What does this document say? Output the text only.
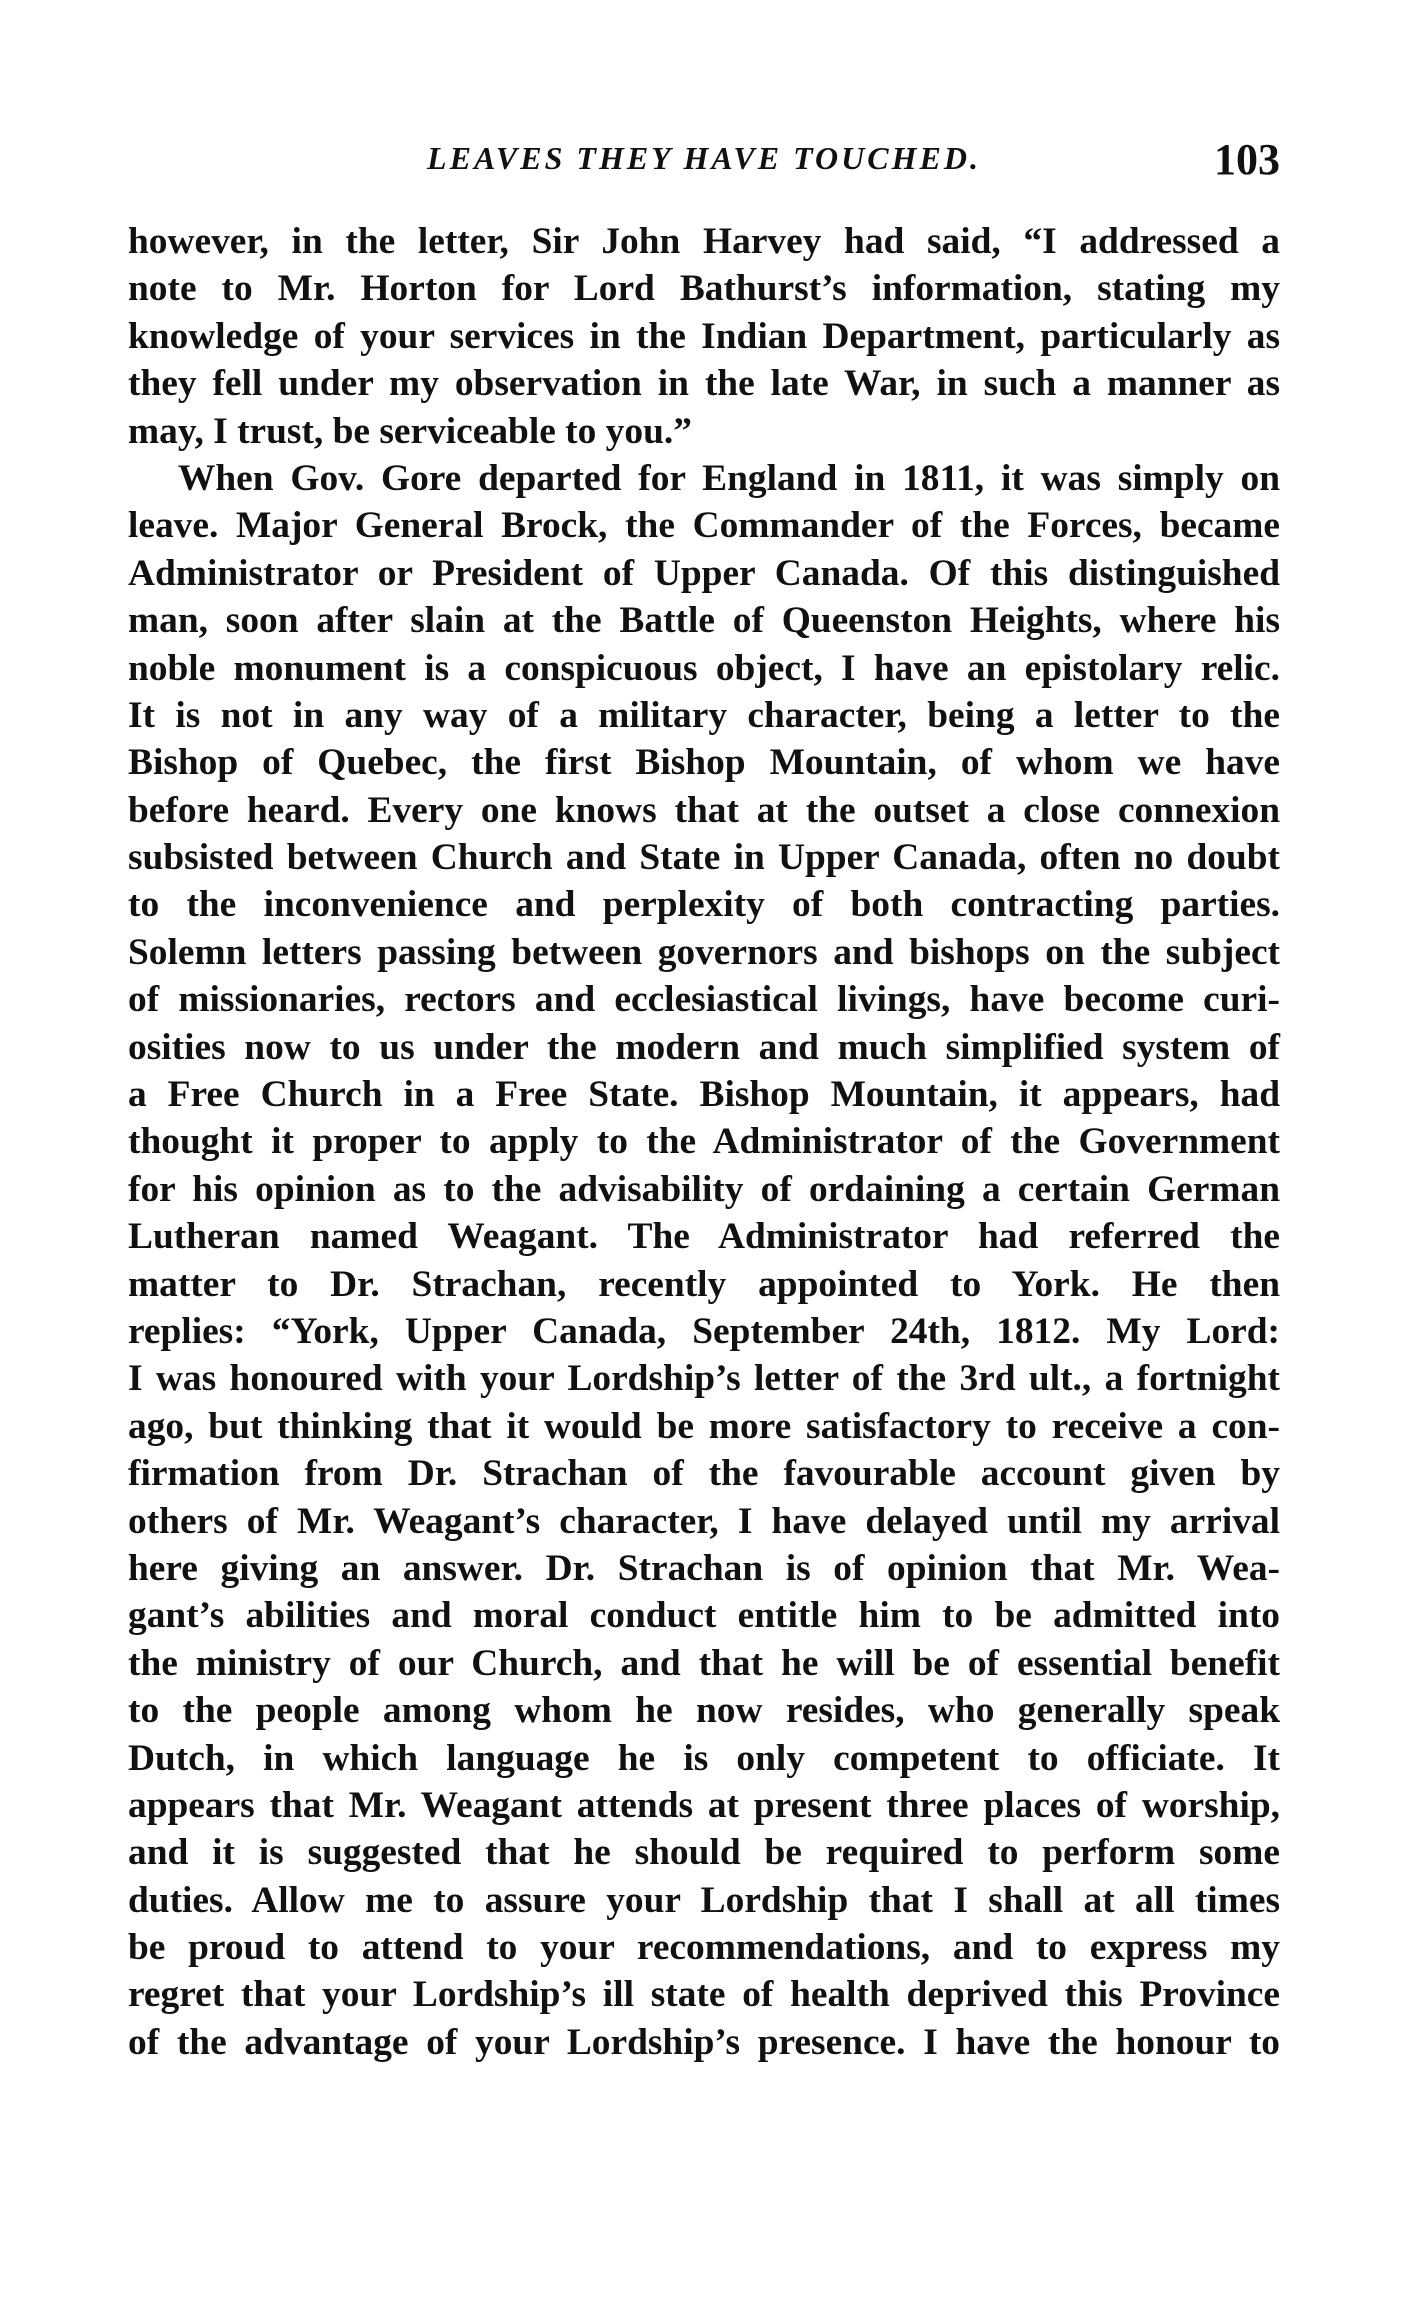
LEAVES THEY HAVE TOUCHED.	103
however, in the letter, Sir John Harvey had said, “I addressed a
note to Mr. Horton for Lord Bathurst’s information, stating my
knowledge of your services in the Indian Department, particularly as
they fell under my observation in the late War, in such a manner as
may, I trust, be serviceable to you.”
When Gov. Gore departed for England in 1811, it was simply on
leave. Major General Brock, the Commander of the Forces, became
Administrator or President of Upper Canada. Of this distinguished
man, soon after slain at the Battle of Queenston Heights, where his
noble monument is a conspicuous object, I have an epistolary relic.
It is not in any way of a military character, being a letter to the
Bishop of Quebec, the first Bishop Mountain, of whom we have
before heard. Every one knows that at the outset a close connexion
subsisted between Church and State in Upper Canada, often no doubt
to the inconvenience and perplexity of both contracting parties.
Solemn letters passing between governors and bishops on the subject
of missionaries, rectors and ecclesiastical livings, have become curi-
osities now to us under the modern and much simplified system of
a Free Church in a Free State. Bishop Mountain, it appears, had
thought it proper to apply to the Administrator of the Government
for his opinion as to the advisability of ordaining a certain German
Lutheran named Weagant. The Administrator had referred the
matter to Dr. Strachan, recently appointed to York. He then
replies: “York, Upper Canada, September 24th, 1812. My Lord:
I was honoured with your Lordship’s letter of the 3rd ult., a fortnight
ago, but thinking that it would be more satisfactory to receive a con-
firmation from Dr. Strachan of the favourable account given by
others of Mr. Weagant’s character, I have delayed until my arrival
here giving an answer. Dr. Strachan is of opinion that Mr. Wea-
gant’s abilities and moral conduct entitle him to be admitted into
the ministry of our Church, and that he will be of essential benefit
to the people among whom he now resides, who generally speak
Dutch, in which language he is only competent to officiate. It
appears that Mr. Weagant attends at present three places of worship,
and it is suggested that he should be required to perform some
duties. Allow me to assure your Lordship that I shall at all times
be proud to attend to your recommendations, and to express my
regret that your Lordship’s ill state of health deprived this Province
of the advantage of your Lordship’s presence. I have the honour to
